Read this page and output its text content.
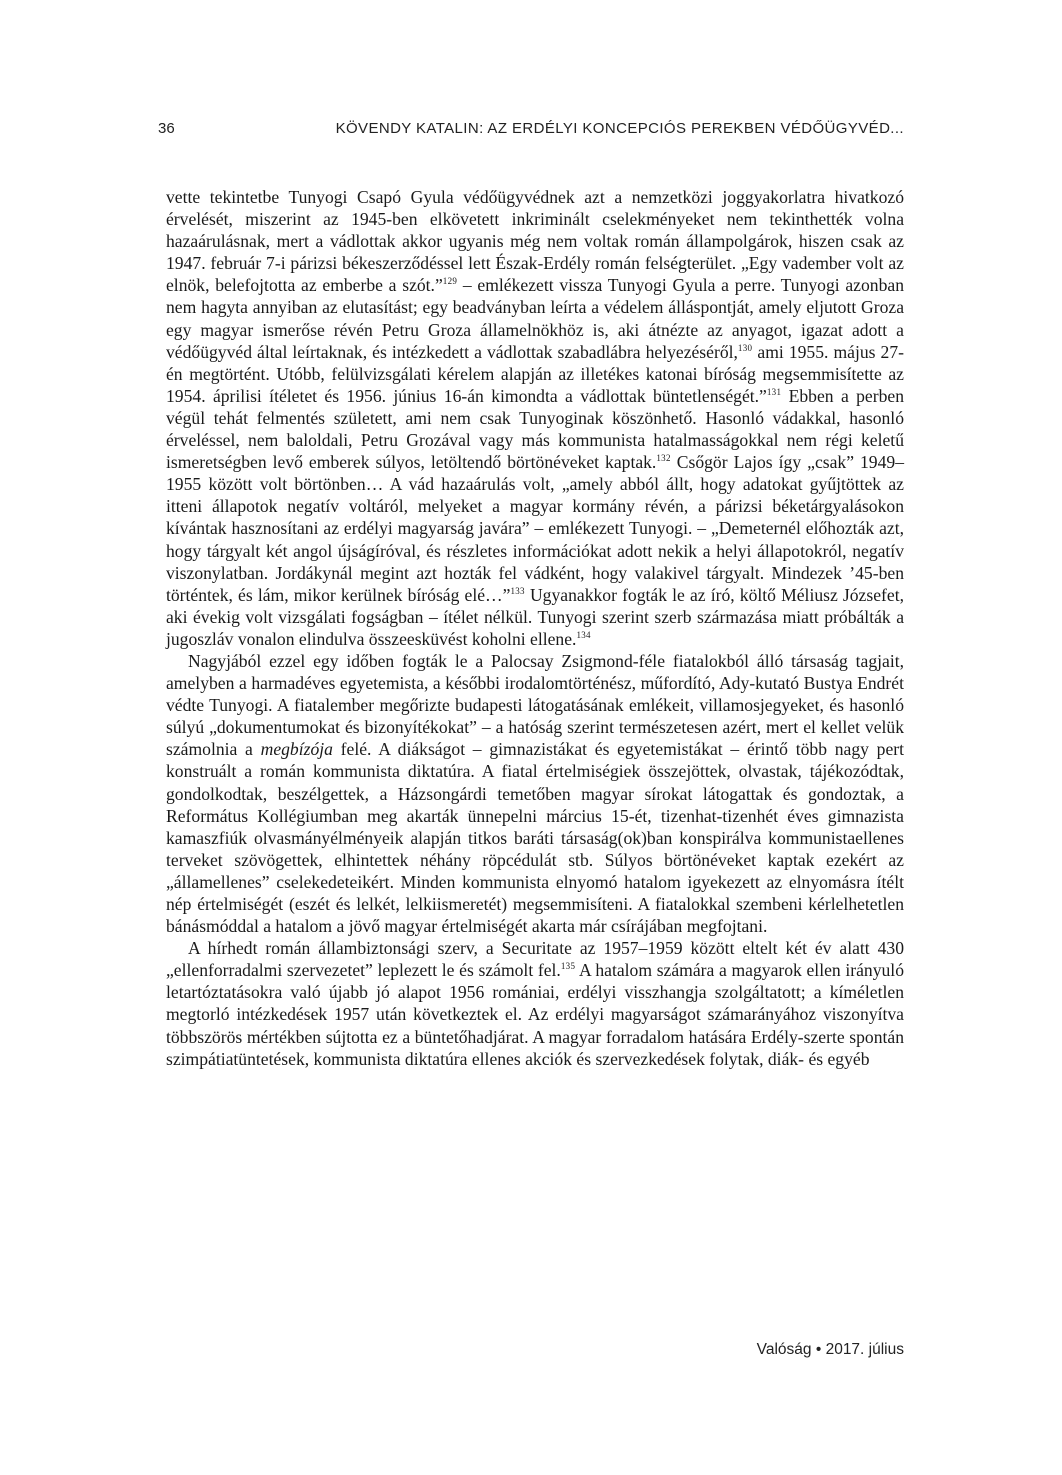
36	KÖVENDY KATALIN: AZ ERDÉLYI KONCEPCIÓS PEREKBEN VÉDŐÜGYVÉD...

vette tekintetbe Tunyogi Csapó Gyula védőügyvédnek azt a nemzetközi joggyakorlatra hivatkozó érvelését, miszerint az 1945-ben elkövetett inkriminált cselekményeket nem tekinthették volna hazaárulásnak, mert a vádlottak akkor ugyanis még nem voltak román állampolgárok, hiszen csak az 1947. február 7-i párizsi békeszerződéssel lett Észak-Erdély román felségterület. „Egy vadember volt az elnök, belefojtotta az emberbe a szót.”$^{129}$ – emlékezett vissza Tunyogi Gyula a perre. Tunyogi azonban nem hagyta annyiban az elutasítást; egy beadványban leírta a védelem álláspontját, amely eljutott Groza egy magyar ismerőse révén Petru Groza államelnökhöz is, aki átnézte az anyagot, igazat adott a védőügyvéd által leírtaknak, és intézkedett a vádlottak szabadlábra helyezéséről,$^{130}$ ami 1955. május 27-én megtörtént. Utóbb, felülvizsgálati kérelem alapján az illetékes katonai bíróság megsemmisítette az 1954. áprilisi ítéletet és 1956. június 16-án kimondta a vádlottak büntetlenségét.”$^{131}$ Ebben a perben végül tehát felmentés született, ami nem csak Tunyoginak köszönhető. Hasonló vádakkal, hasonló érveléssel, nem baloldali, Petru Grozával vagy más kommunista hatalmasságokkal nem régi keletű ismeretségben levő emberek súlyos, letöltendő börtönéveket kaptak.$^{132}$ Csőgör Lajos így „csak” 1949–1955 között volt börtönben… A vád hazaárulás volt, „amely abból állt, hogy adatokat gyűjtöttek az itteni állapotok negatív voltáról, melyeket a magyar kormány révén, a párizsi béketárgyalásokon kívántak hasznosítani az erdélyi magyarság javára” – emlékezett Tunyogi. – „Demeternél előhozták azt, hogy tárgyalt két angol újságíróval, és részletes információkat adott nekik a helyi állapotokról, negatív viszonylatban. Jordákynál megint azt hozták fel vádként, hogy valakivel tárgyalt. Mindezek ’45-ben történtek, és lám, mikor kerülnek bíróság elé…”$^{133}$ Ugyanakkor fogták le az író, költő Méliusz Józsefet, aki évekig volt vizsgálati fogságban – ítélet nélkül. Tunyogi szerint szerb származása miatt próbálták a jugoszláv vonalon elindulva összeesküvést koholni ellene.$^{134}$

Nagyjából ezzel egy időben fogták le a Palocsay Zsigmond-féle fiatalokból álló társaság tagjait, amelyben a harmadéves egyetemista, a későbbi irodalomtörténész, műfordító, Ady-kutató Bustya Endrét védte Tunyogi. A fiatalember megőrizte budapesti látogatásának emlékeit, villamosjegyeket, és hasonló súlyú „dokumentumokat és bizonyítékokat” – a hatóság szerint természetesen azért, mert el kellet velük számolnia a megbízója felé. A diákságot – gimnazistákat és egyetemistákat – érintő több nagy pert konstruált a román kommunista diktatúra. A fiatal értelmiségiek összejöttek, olvastak, tájékozódtak, gondolkodtak, beszélgettek, a Házsongárdi temetőben magyar sírokat látogattak és gondoztak, a Református Kollégiumban meg akarták ünnepelni március 15-ét, tizenhat-tizenhét éves gimnazista kamaszfiúk olvasmányélményeik alapján titkos baráti társaság(ok)ban konspirálva kommunistaellenes terveket szövögettek, elhintettek néhány röpcédulát stb. Súlyos börtönéveket kaptak ezekért az „államellenes” cselekedeteikért. Minden kommunista elnyomó hatalom igyekezett az elnyomásra ítélt nép értelmiségét (eszét és lelkét, lelkiismeretét) megsemmisíteni. A fiatalokkal szembeni kérlelhetetlen bánásmóddal a hatalom a jövő magyar értelmiségét akarta már csírájában megfojtani.

A hírhedt román állambiztonsági szerv, a Securitate az 1957–1959 között eltelt két év alatt 430 „ellenforradalmi szervezetet” leplezett le és számolt fel.$^{135}$ A hatalom számára a magyarok ellen irányuló letartóztatásokra való újabb jó alapot 1956 romániai, erdélyi visszhangja szolgáltatott; a kíméletlen megtorló intézkedések 1957 után következtek el. Az erdélyi magyarságot számarányához viszonyítva többszörös mértékben sújtotta ez a büntetőhadjárat. A magyar forradalom hatására Erdély-szerte spontán szimpátiatüntetések, kommunista diktatúra ellenes akciók és szervezkedések folytak, diák- és egyéb

Valóság • 2017. július
